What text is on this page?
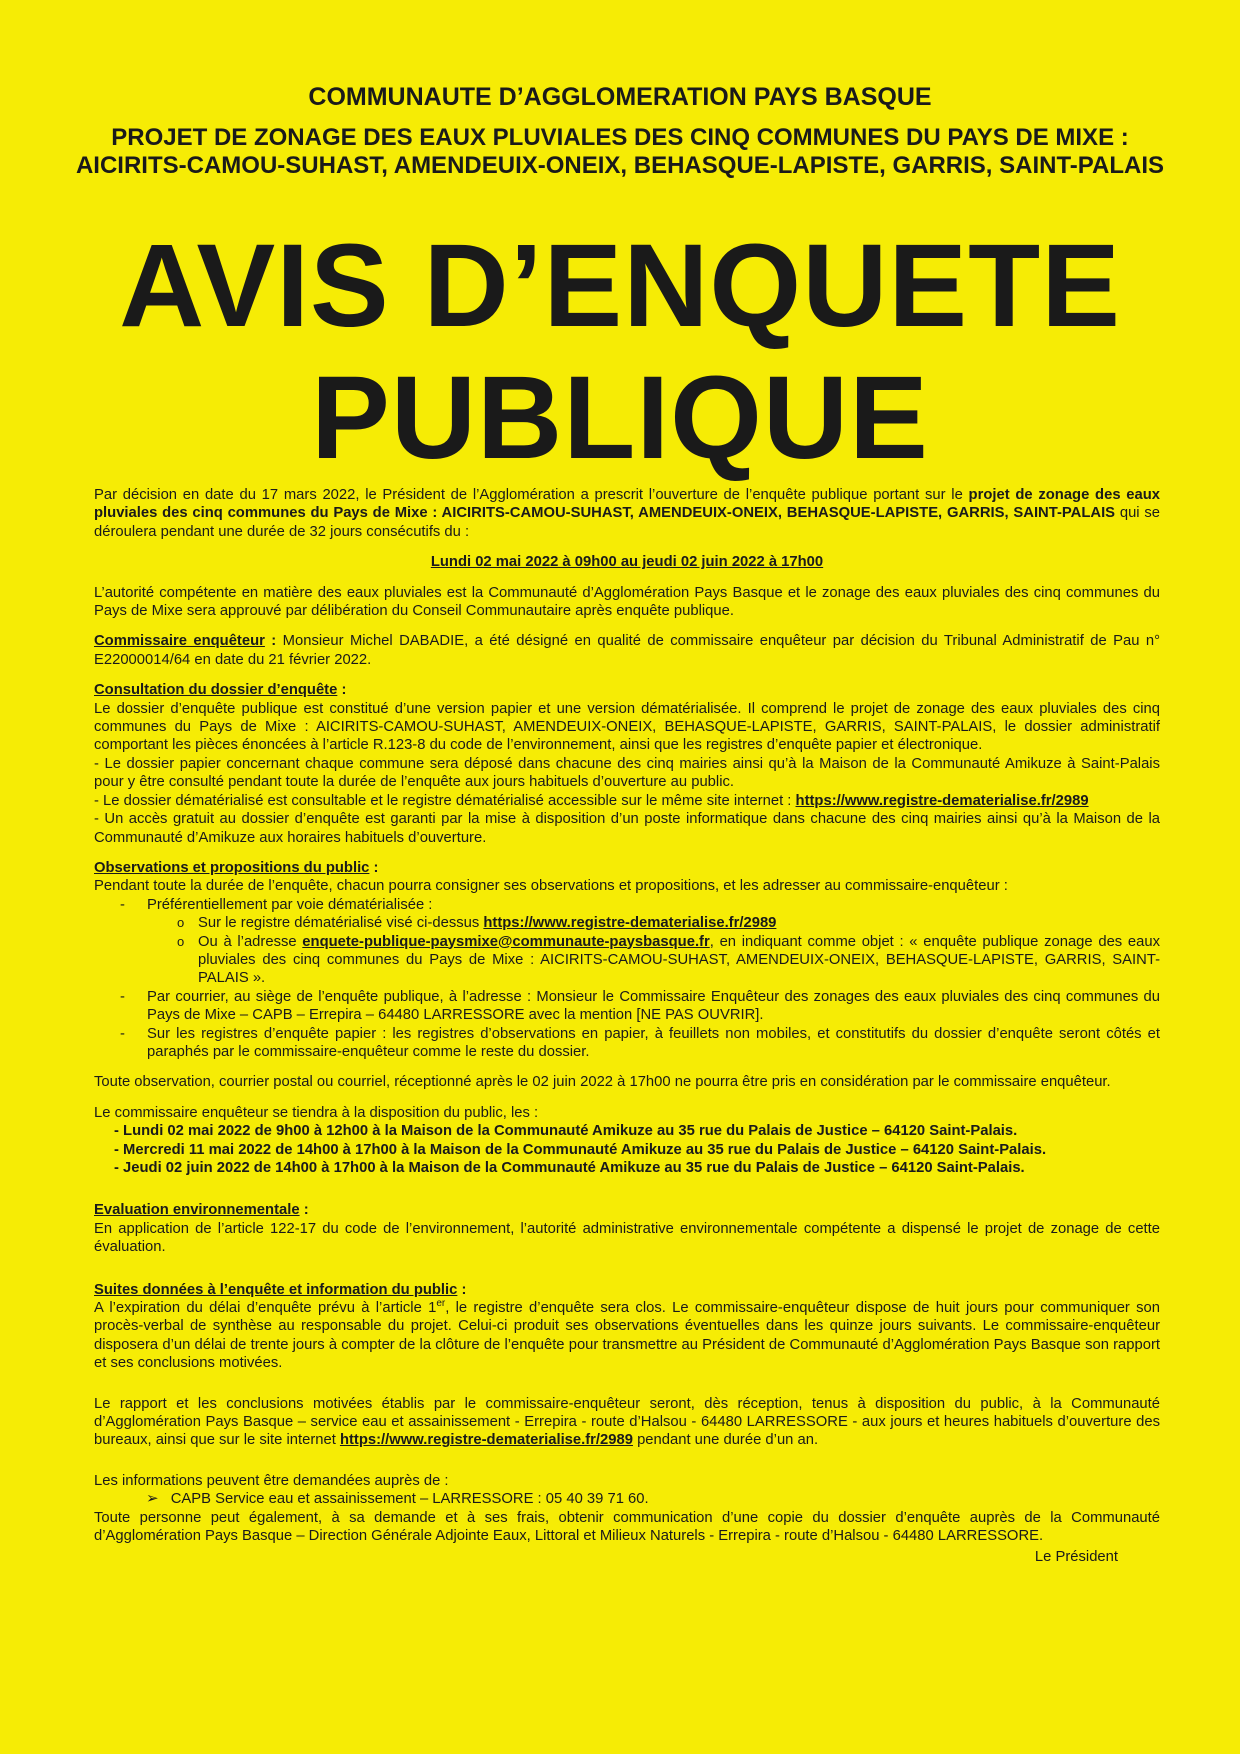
COMMUNAUTE D’AGGLOMERATION PAYS BASQUE

PROJET DE ZONAGE DES EAUX PLUVIALES DES CINQ COMMUNES DU PAYS DE MIXE : AICIRITS-CAMOU-SUHAST, AMENDEUIX-ONEIX, BEHASQUE-LAPISTE, GARRIS, SAINT-PALAIS

AVIS D’ENQUETE
PUBLIQUE

Par décision en date du 17 mars 2022, le Président de l’Agglomération a prescrit l’ouverture de l’enquête publique portant sur le projet de zonage des eaux pluviales des cinq communes du Pays de Mixe : AICIRITS-CAMOU-SUHAST, AMENDEUIX-ONEIX, BEHASQUE-LAPISTE, GARRIS, SAINT-PALAIS qui se déroulera pendant une durée de 32 jours consécutifs du :

Lundi 02 mai 2022 à 09h00 au jeudi 02 juin 2022 à 17h00

L’autorité compétente en matière des eaux pluviales est la Communauté d’Agglomération Pays Basque et le zonage des eaux pluviales des cinq communes du Pays de Mixe sera approuvé par délibération du Conseil Communautaire après enquête publique.

Commissaire enquêteur : Monsieur Michel DABADIE, a été désigné en qualité de commissaire enquêteur par décision du Tribunal Administratif de Pau n° E22000014/64 en date du 21 février 2022.

Consultation du dossier d’enquête :
Le dossier d’enquête publique est constitué d’une version papier et une version dématérialisée. Il comprend le projet de zonage des eaux pluviales des cinq communes du Pays de Mixe : AICIRITS-CAMOU-SUHAST, AMENDEUIX-ONEIX, BEHASQUE-LAPISTE, GARRIS, SAINT-PALAIS, le dossier administratif comportant les pièces énoncées à l’article R.123-8 du code de l’environnement, ainsi que les registres d’enquête papier et électronique.
- Le dossier papier concernant chaque commune sera déposé dans chacune des cinq mairies ainsi qu’à la Maison de la Communauté Amikuze à Saint-Palais pour y être consulté pendant toute la durée de l’enquête aux jours habituels d’ouverture au public.
- Le dossier dématérialisé est consultable et le registre dématérialisé accessible sur le même site internet : https://www.registre-dematerialise.fr/2989
- Un accès gratuit au dossier d’enquête est garanti par la mise à disposition d’un poste informatique dans chacune des cinq mairies ainsi qu’à la Maison de la Communauté d’Amikuze aux horaires habituels d’ouverture.
Observations et propositions du public :
Pendant toute la durée de l’enquête, chacun pourra consigner ses observations et propositions, et les adresser au commissaire-enquêteur :
- Préférentiellement par voie dématérialisée :
o Sur le registre dématérialisé visé ci-dessus https://www.registre-dematerialise.fr/2989
o Ou à l’adresse enquete-publique-paysmixe@communaute-paysbasque.fr, en indiquant comme objet : « enquête publique zonage des eaux pluviales des cinq communes du Pays de Mixe : AICIRITS-CAMOU-SUHAST, AMENDEUIX-ONEIX, BEHASQUE-LAPISTE, GARRIS, SAINT-PALAIS ».
- Par courrier, au siège de l’enquête publique, à l’adresse : Monsieur le Commissaire Enquêteur des zonages des eaux pluviales des cinq communes du Pays de Mixe – CAPB – Errepira – 64480 LARRESSORE avec la mention [NE PAS OUVRIR].
- Sur les registres d’enquête papier : les registres d’observations en papier, à feuillets non mobiles, et constitutifs du dossier d’enquête seront côtés et paraphés par le commissaire-enquêteur comme le reste du dossier.

Toute observation, courrier postal ou courriel, réceptionné après le 02 juin 2022 à 17h00 ne pourra être pris en considération par le commissaire enquêteur.

Le commissaire enquêteur se tiendra à la disposition du public, les :
- Lundi 02 mai 2022 de 9h00 à 12h00 à la Maison de la Communauté Amikuze au 35 rue du Palais de Justice – 64120 Saint-Palais.
- Mercredi 11 mai 2022 de 14h00 à 17h00 à la Maison de la Communauté Amikuze au 35 rue du Palais de Justice – 64120 Saint-Palais.
- Jeudi 02 juin 2022 de 14h00 à 17h00 à la Maison de la Communauté Amikuze au 35 rue du Palais de Justice – 64120 Saint-Palais.
Evaluation environnementale :
En application de l’article 122-17 du code de l’environnement, l’autorité administrative environnementale compétente a dispensé le projet de zonage de cette évaluation.
Suites données à l’enquête et information du public :
A l’expiration du délai d’enquête prévu à l’article 1er, le registre d’enquête sera clos. Le commissaire-enquêteur dispose de huit jours pour communiquer son procès-verbal de synthèse au responsable du projet. Celui-ci produit ses observations éventuelles dans les quinze jours suivants. Le commissaire-enquêteur disposera d’un délai de trente jours à compter de la clôture de l’enquête pour transmettre au Président de Communauté d’Agglomération Pays Basque son rapport et ses conclusions motivées.

Le rapport et les conclusions motivées établis par le commissaire-enquêteur seront, dès réception, tenus à disposition du public, à la Communauté d’Agglomération Pays Basque – service eau et assainissement - Errepira - route d’Halsou - 64480 LARRESSORE - aux jours et heures habituels d’ouverture des bureaux, ainsi que sur le site internet https://www.registre-dematerialise.fr/2989 pendant une durée d’un an.

Les informations peuvent être demandées auprès de :
➢ CAPB Service eau et assainissement – LARRESSORE : 05 40 39 71 60.
Toute personne peut également, à sa demande et à ses frais, obtenir communication d’une copie du dossier d’enquête auprès de la Communauté d’Agglomération Pays Basque – Direction Générale Adjointe Eaux, Littoral et Milieux Naturels - Errepira - route d’Halsou - 64480 LARRESSORE.
Le Président
